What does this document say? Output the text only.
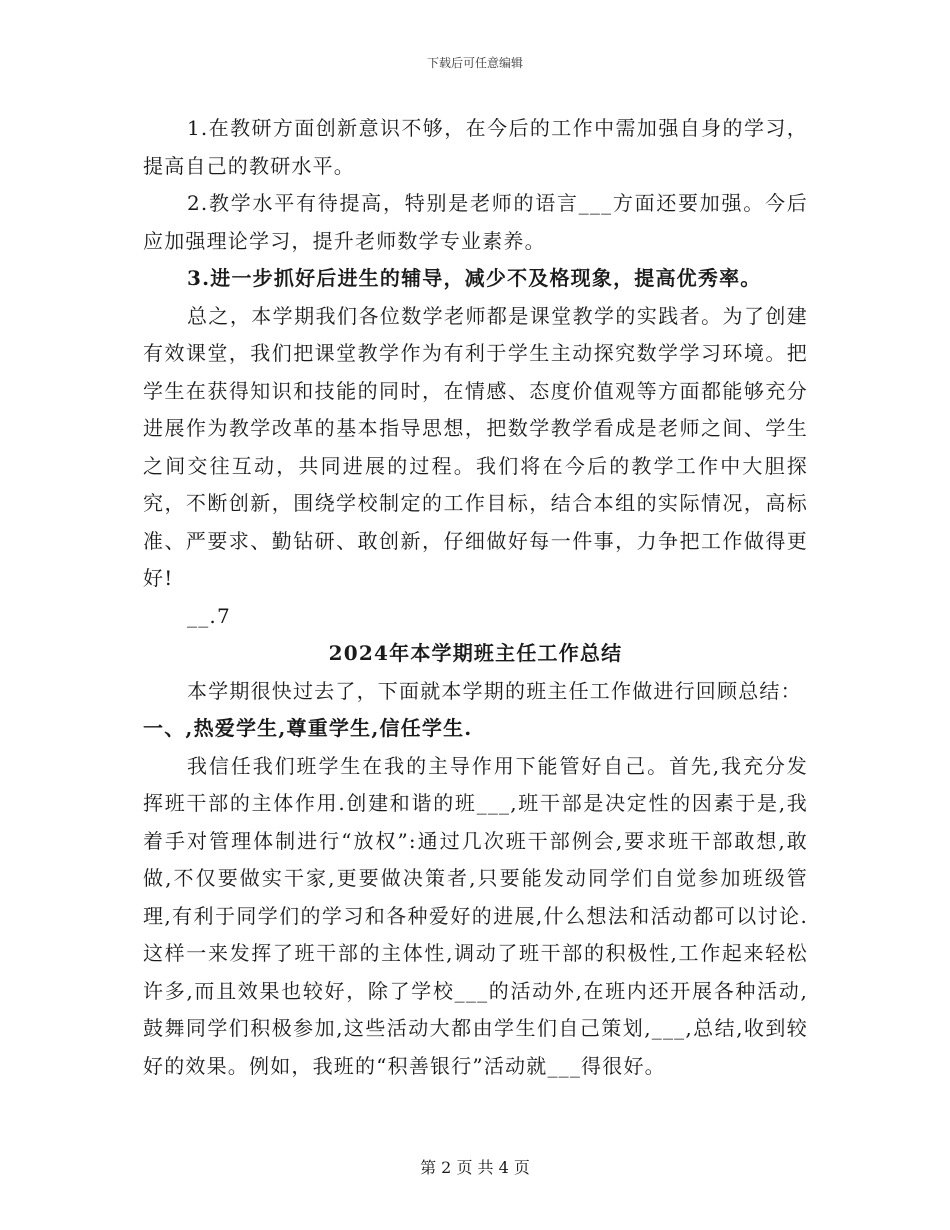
下载后可任意编辑

1.在教研方面创新意识不够，在今后的工作中需加强自身的学习，提高自己的教研水平。

2.教学水平有待提高，特别是老师的语言___方面还要加强。今后应加强理论学习，提升老师数学专业素养。

3.进一步抓好后进生的辅导，减少不及格现象，提高优秀率。

总之，本学期我们各位数学老师都是课堂教学的实践者。为了创建有效课堂，我们把课堂教学作为有利于学生主动探究数学学习环境。把学生在获得知识和技能的同时，在情感、态度价值观等方面都能够充分进展作为教学改革的基本指导思想，把数学教学看成是老师之间、学生之间交往互动，共同进展的过程。我们将在今后的教学工作中大胆探究，不断创新，围绕学校制定的工作目标，结合本组的实际情况，高标准、严要求、勤钻研、敢创新，仔细做好每一件事，力争把工作做得更好!

__.7

2024年本学期班主任工作总结

本学期很快过去了，下面就本学期的班主任工作做进行回顾总结：

一、,热爱学生,尊重学生,信任学生.

我信任我们班学生在我的主导作用下能管好自己。首先,我充分发挥班干部的主体作用.创建和谐的班___,班干部是决定性的因素于是,我着手对管理体制进行“放权”:通过几次班干部例会,要求班干部敢想,敢做,不仅要做实干家,更要做决策者,只要能发动同学们自觉参加班级管理,有利于同学们的学习和各种爱好的进展,什么想法和活动都可以讨论.这样一来发挥了班干部的主体性,调动了班干部的积极性,工作起来轻松许多,而且效果也较好，除了学校___的活动外,在班内还开展各种活动,鼓舞同学们积极参加,这些活动大都由学生们自己策划,___,总结,收到较好的效果。例如，我班的“积善银行”活动就___得很好。

第 2 页 共 4 页
